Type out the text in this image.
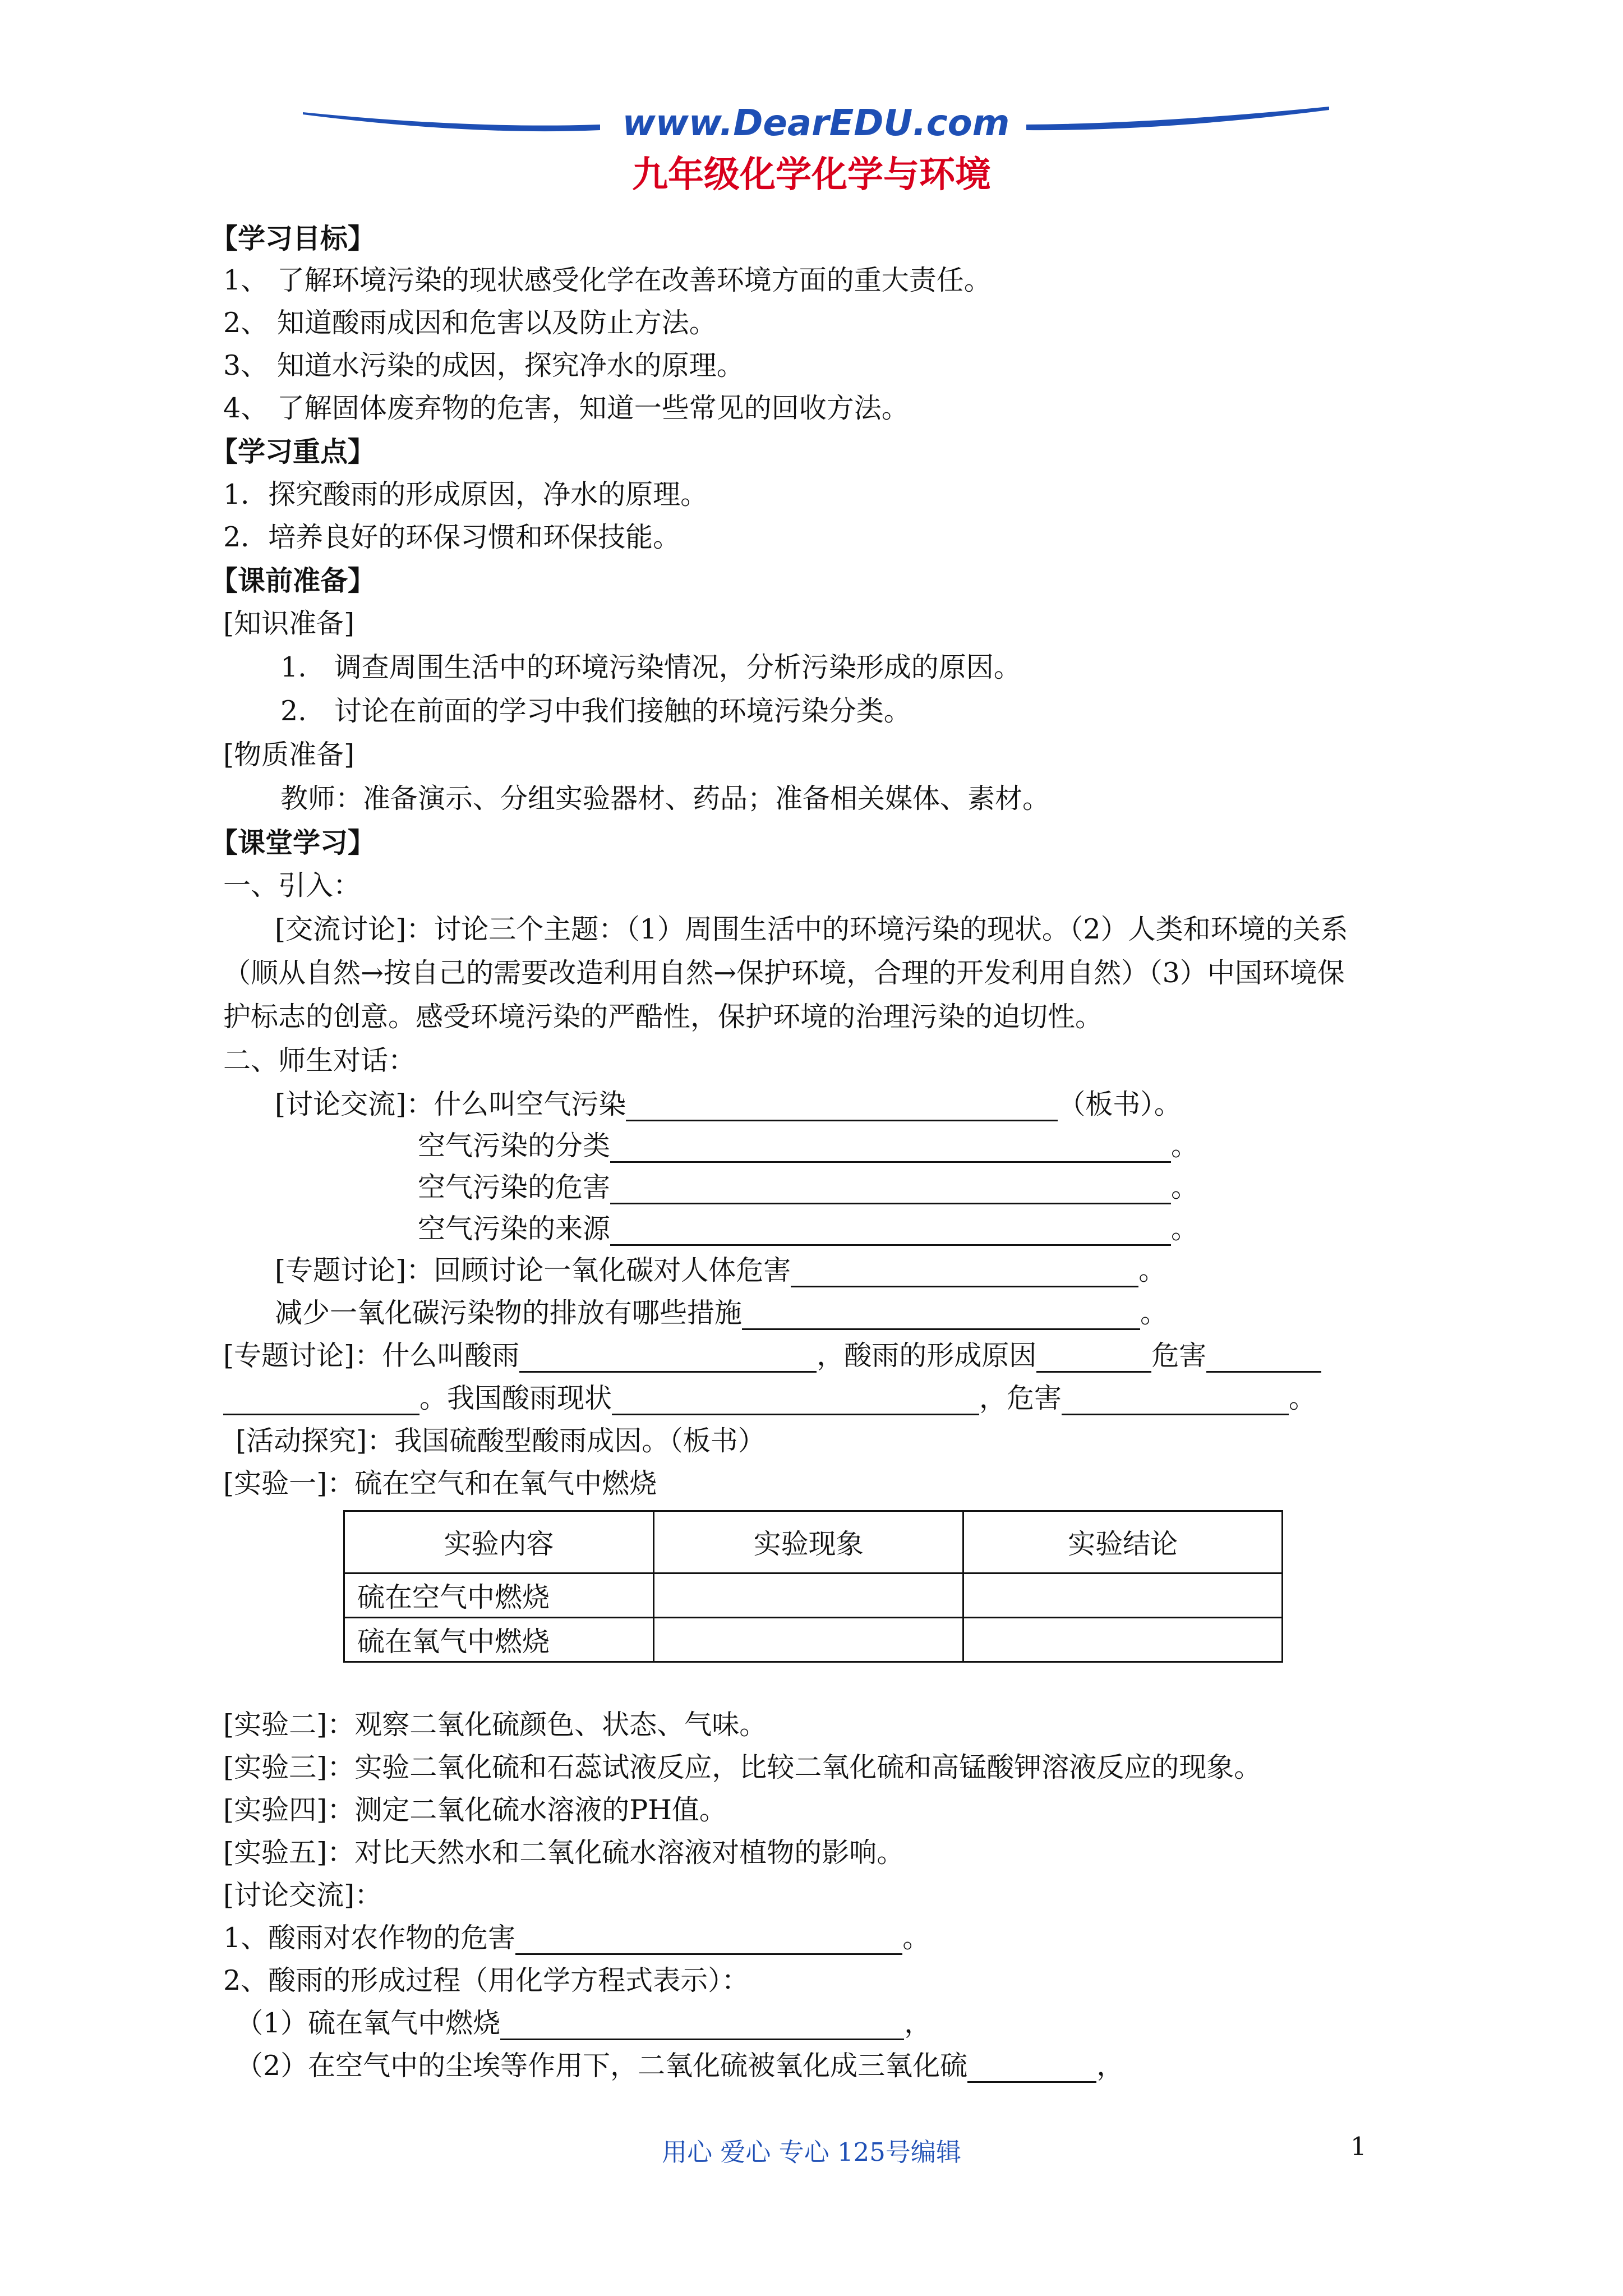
www.DearEDU.com
九年级化学化学与环境
【学习目标】
1、 了解环境污染的现状感受化学在改善环境方面的重大责任。
2、 知道酸雨成因和危害以及防止方法。
3、 知道水污染的成因，探究净水的原理。
4、 了解固体废弃物的危害，知道一些常见的回收方法。
【学习重点】
1．探究酸雨的形成原因，净水的原理。
2．培养良好的环保习惯和环保技能。
【课前准备】
[知识准备]
1.　调查周围生活中的环境污染情况，分析污染形成的原因。
2.　讨论在前面的学习中我们接触的环境污染分类。
[物质准备]
教师：准备演示、分组实验器材、药品；准备相关媒体、素材。
【课堂学习】
一、引入：
[交流讨论]：讨论三个主题：（1）周围生活中的环境污染的现状。（2）人类和环境的关系
（顺从自然→按自己的需要改造利用自然→保护环境，合理的开发利用自然）（3）中国环境保
护标志的创意。感受环境污染的严酷性，保护环境的治理污染的迫切性。
二、师生对话：
[讨论交流]：什么叫空气污染	（板书）。
空气污染的分类	。
空气污染的危害	。
空气污染的来源	。
[专题讨论]：回顾讨论一氧化碳对人体危害	。
减少一氧化碳污染物的排放有哪些措施	。
[专题讨论]：什么叫酸雨	，酸雨的形成原因	危害
。我国酸雨现状	，危害	。
[活动探究]：我国硫酸型酸雨成因。（板书）
[实验一]：硫在空气和在氧气中燃烧
实验内容	实验现象	实验结论
硫在空气中燃烧		
硫在氧气中燃烧		
[实验二]：观察二氧化硫颜色、状态、气味。
[实验三]：实验二氧化硫和石蕊试液反应，比较二氧化硫和高锰酸钾溶液反应的现象。
[实验四]：测定二氧化硫水溶液的PH值。
[实验五]：对比天然水和二氧化硫水溶液对植物的影响。
[讨论交流]：
1、酸雨对农作物的危害	。
2、酸雨的形成过程（用化学方程式表示）：
（1）硫在氧气中燃烧	，
（2）在空气中的尘埃等作用下，二氧化硫被氧化成三氧化硫	，
用心 爱心 专心 125号编辑	1
